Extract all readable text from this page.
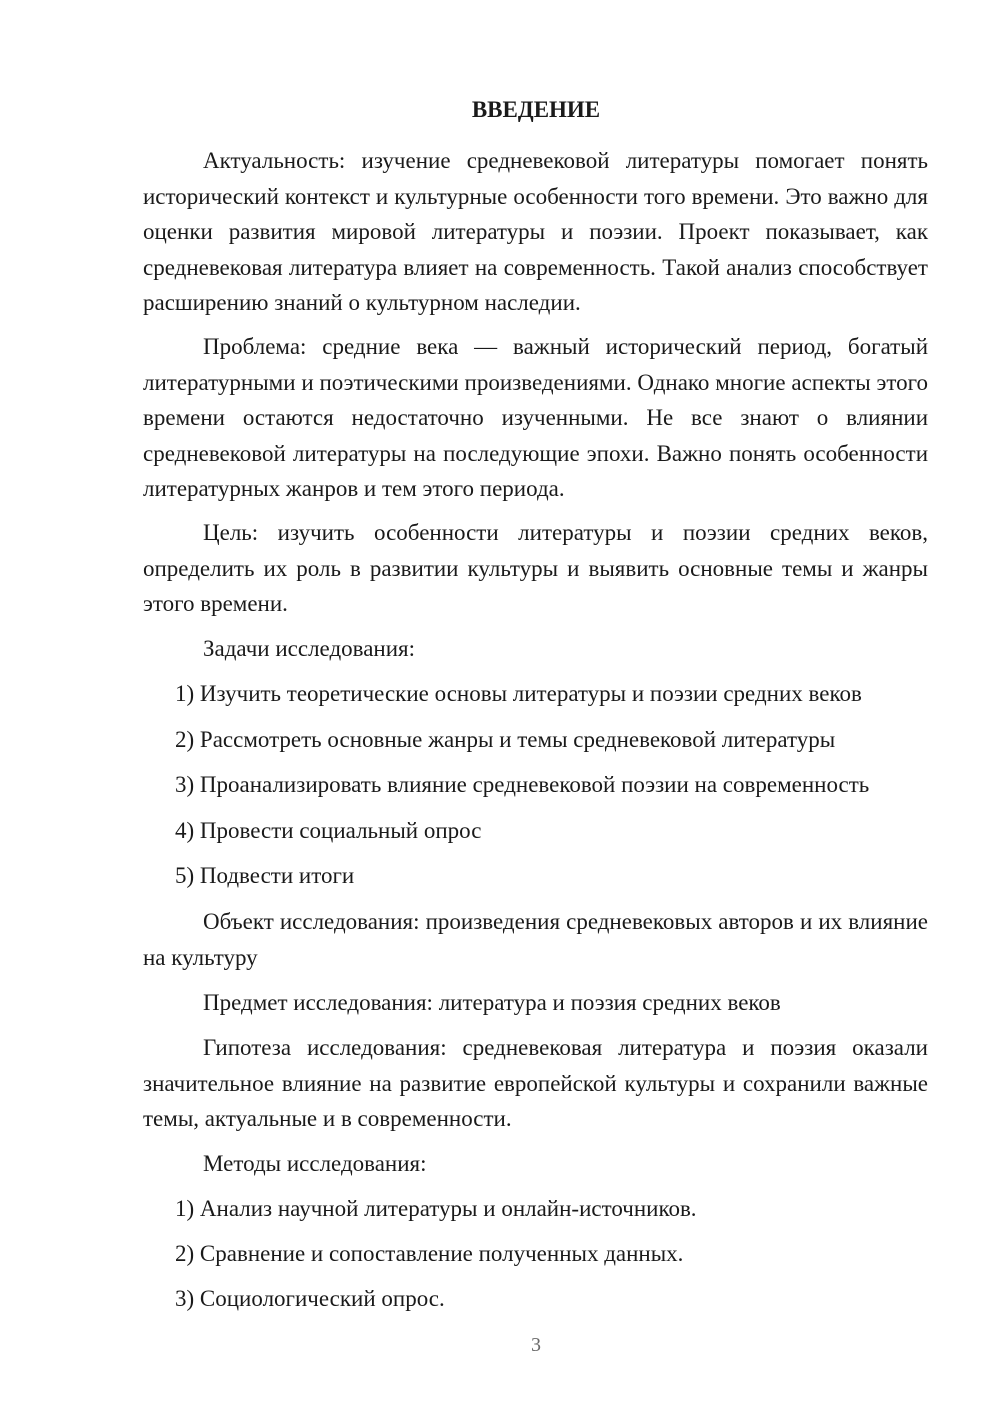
ВВЕДЕНИЕ

Актуальность: изучение средневековой литературы помогает понять исторический контекст и культурные особенности того времени. Это важно для оценки развития мировой литературы и поэзии. Проект показывает, как средневековая литература влияет на современность. Такой анализ способствует расширению знаний о культурном наследии.

Проблема: средние века — важный исторический период, богатый литературными и поэтическими произведениями. Однако многие аспекты этого времени остаются недостаточно изученными. Не все знают о влиянии средневековой литературы на последующие эпохи. Важно понять особенности литературных жанров и тем этого периода.

Цель: изучить особенности литературы и поэзии средних веков, определить их роль в развитии культуры и выявить основные темы и жанры этого времени.

Задачи исследования:
1) Изучить теоретические основы литературы и поэзии средних веков
2) Рассмотреть основные жанры и темы средневековой литературы
3) Проанализировать влияние средневековой поэзии на современность
4) Провести социальный опрос
5) Подвести итоги

Объект исследования: произведения средневековых авторов и их влияние на культуру

Предмет исследования: литература и поэзия средних веков

Гипотеза исследования: средневековая литература и поэзия оказали значительное влияние на развитие европейской культуры и сохранили важные темы, актуальные и в современности.

Методы исследования:
1) Анализ научной литературы и онлайн-источников.
2) Сравнение и сопоставление полученных данных.
3) Социологический опрос.
3
